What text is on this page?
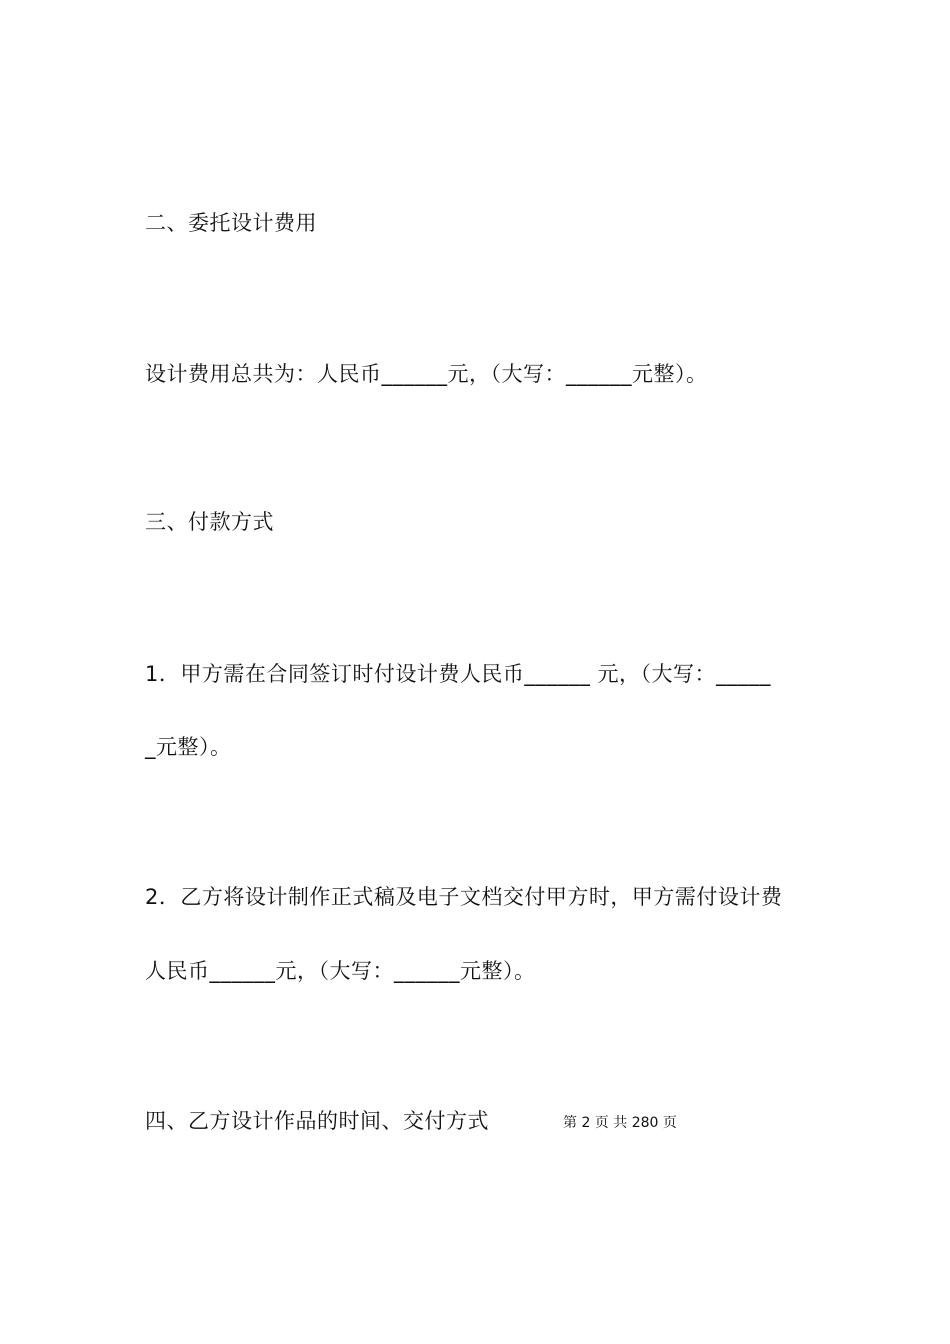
二、委托设计费用
设计费用总共为：人民币______元，（大写：______元整）。
三、付款方式
1．甲方需在合同签订时付设计费人民币______ 元，（大写：_____
_元整）。
2．乙方将设计制作正式稿及电子文档交付甲方时，甲方需付设计费
人民币______元，（大写：______元整）。
四、乙方设计作品的时间、交付方式	第 2 页 共 280 页
